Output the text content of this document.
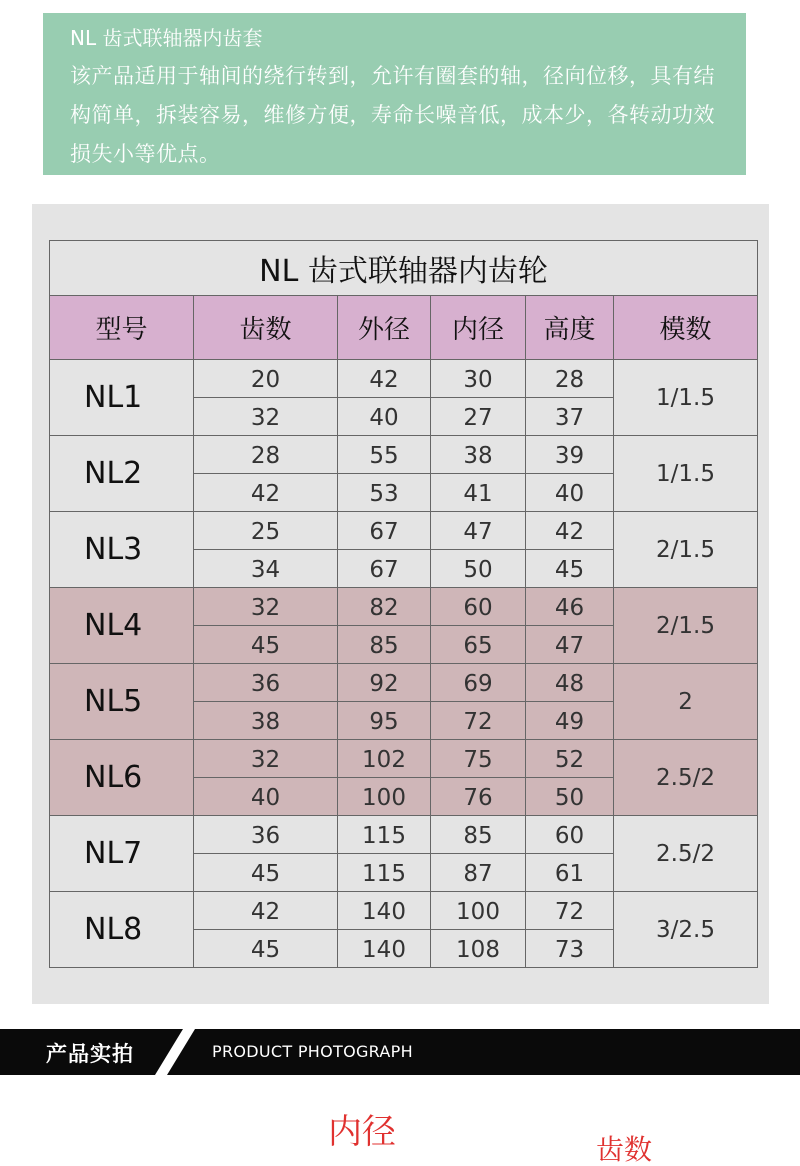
NL 齿式联轴器内齿套
该产品适用于轴间的绕行转到，允许有圈套的轴，径向位移，具有结构简单，拆装容易，维修方便，寿命长噪音低，成本少，各转动功效损失小等优点。
NL 齿式联轴器内齿轮					
型号	齿数	外径	内径	高度	模数
NL1	20	42	30	28	1/1.5
	32	40	27	37	
NL2	28	55	38	39	1/1.5
	42	53	41	40	
NL3	25	67	47	42	2/1.5
	34	67	50	45	
NL4	32	82	60	46	2/1.5
	45	85	65	47	
NL5	36	92	69	48	2
	38	95	72	49	
NL6	32	102	75	52	2.5/2
	40	100	76	50	
NL7	36	115	85	60	2.5/2
	45	115	87	61	
NL8	42	140	100	72	3/2.5
	45	140	108	73	
产品实拍	PRODUCT PHOTOGRAPH
内径	齿数
